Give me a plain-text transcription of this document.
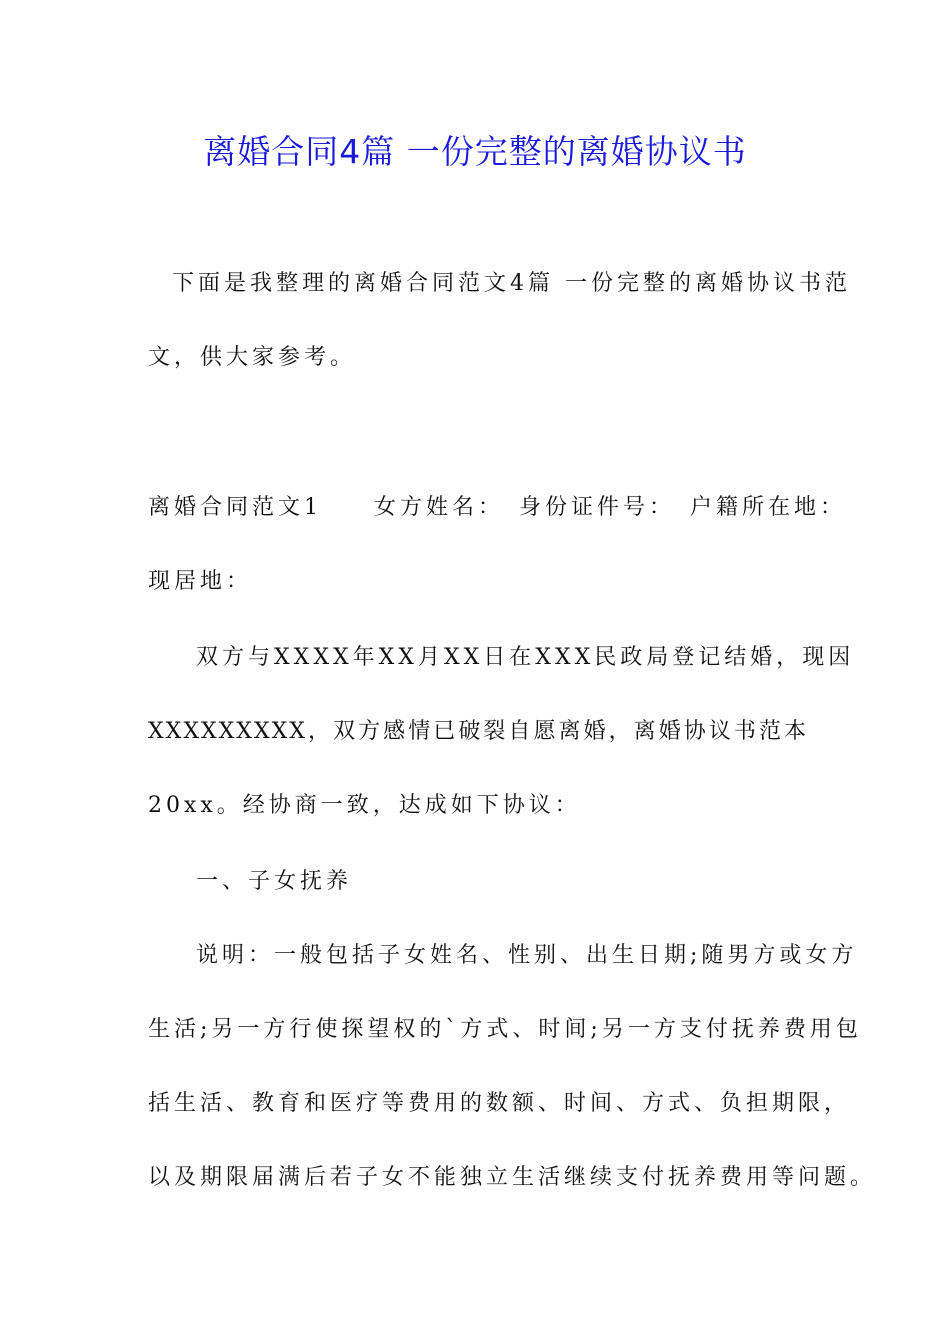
离婚合同4篇 一份完整的离婚协议书
下面是我整理的离婚合同范文4篇 一份完整的离婚协议书范
文，供大家参考。
离婚合同范文1　　女方姓名：　身份证件号：　户籍所在地：
现居地：
双方与XXXX年XX月XX日在XXX民政局登记结婚，现因
XXXXXXXXX，双方感情已破裂自愿离婚，离婚协议书范本
20xx。经协商一致，达成如下协议：
一、子女抚养
说明：一般包括子女姓名、性别、出生日期;随男方或女方
生活;另一方行使探望权的`方式、时间;另一方支付抚养费用包
括生活、教育和医疗等费用的数额、时间、方式、负担期限，
以及期限届满后若子女不能独立生活继续支付抚养费用等问题。
